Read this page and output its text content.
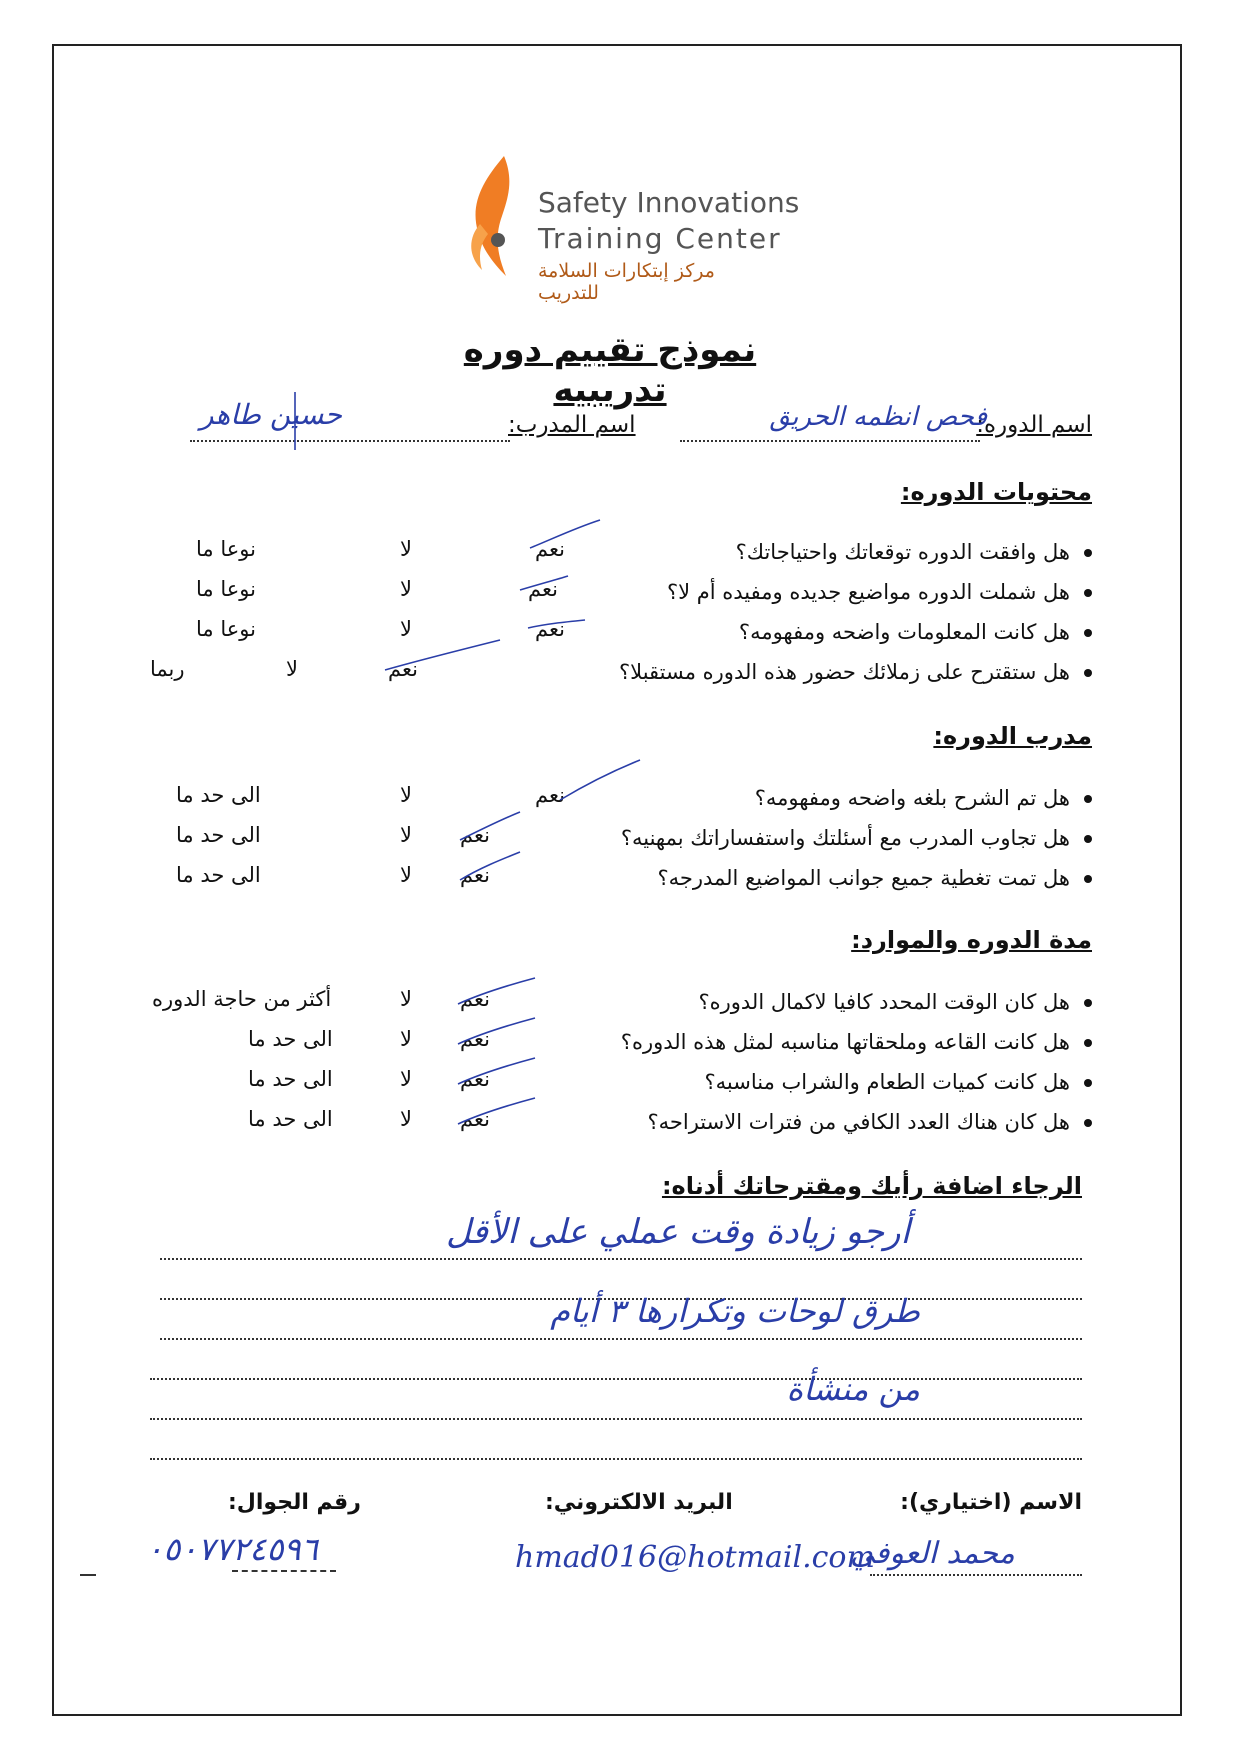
Safety Innovations
Training Center
مركز إبتكارات السلامة للتدريب
نموذج تقييم دوره تدريبيه
اسم الدوره:
فحص انظمه الحريق
اسم المدرب:
حسين طاهر
محتويات الدوره:
هل وافقت الدوره توقعاتك واحتياجاتك؟
نعم
لا
نوعا ما
هل شملت الدوره مواضيع جديده ومفيده أم لا؟
نعم
لا
نوعا ما
هل كانت المعلومات واضحه ومفهومه؟
نعم
لا
نوعا ما
هل ستقترح على زملائك حضور هذه الدوره مستقبلا؟
نعم
لا
ربما
مدرب الدوره:
هل تم الشرح بلغه واضحه ومفهومه؟
نعم
لا
الى حد ما
هل تجاوب المدرب مع أسئلتك واستفساراتك بمهنيه؟
نعم
لا
الى حد ما
هل تمت تغطية جميع جوانب المواضيع المدرجه؟
نعم
لا
الى حد ما
مدة الدوره والموارد:
هل كان الوقت المحدد كافيا لاكمال الدوره؟
نعم
لا
أكثر من حاجة الدوره
هل كانت القاعه وملحقاتها مناسبه لمثل هذه الدوره؟
نعم
لا
الى حد ما
هل كانت كميات الطعام والشراب مناسبه؟
نعم
لا
الى حد ما
هل كان هناك العدد الكافي من فترات الاستراحه؟
نعم
لا
الى حد ما
الرجاء اضافة رأيك ومقترحاتك أدناه:
أرجو زيادة وقت عملي على الأقل
طرق لوحات وتكرارها ٣ أيام
من منشأة
الاسم (اختياري):
محمد العوفي
البريد الالكتروني:
hmad016@hotmail.com
رقم الجوال:
٠٥٠٧٧٢٤٥٩٦
